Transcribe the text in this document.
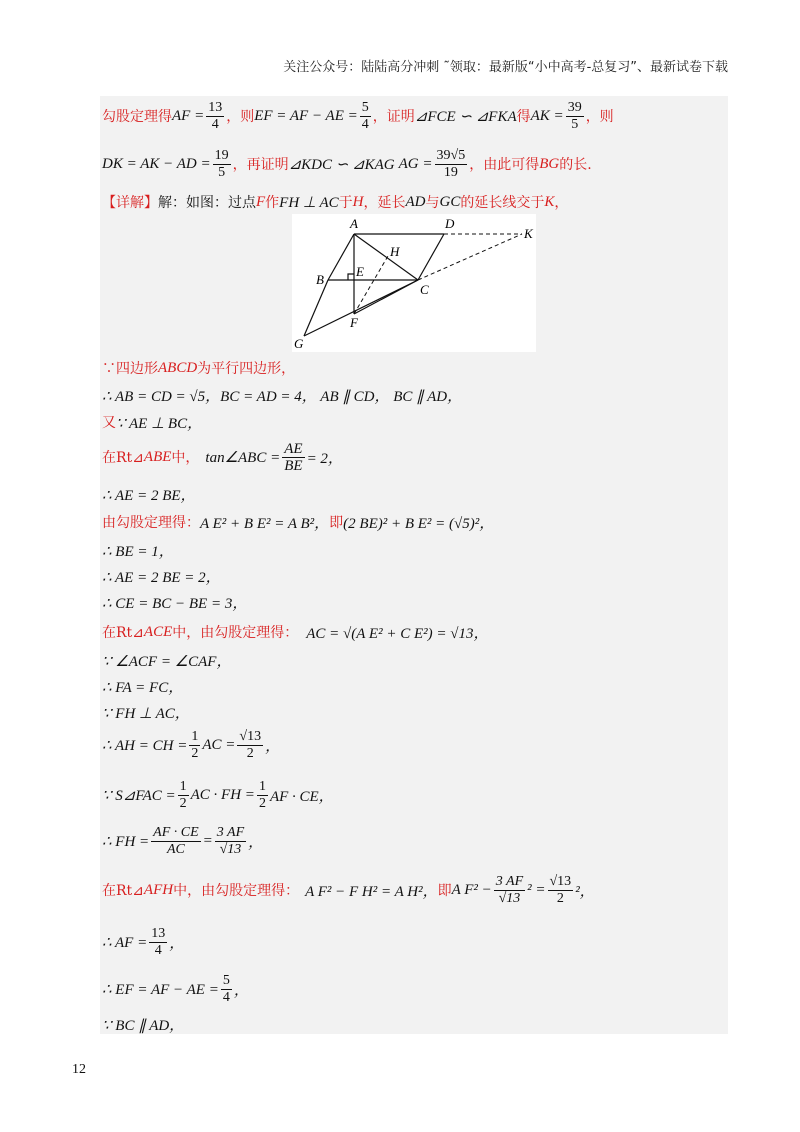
关注公众号：陆陆高分冲刺 ˜领取：最新版“小中高考-总复习”、最新试卷下载
勾股定理得 AF = $\frac{13}{4}$ ，则 EF = AF − AE = $\frac{5}{4}$ ，证明 ⊿FCE ∽ ⊿FKA 得 AK = $\frac{39}{5}$ ，则
DK = AK − AD = $\frac{19}{5}$ ，再证明 ⊿KDC ∽ ⊿KAG AG = $\frac{39√5}{19}$ ，由此可得 BG 的长.
【详解】 解：如图：过点 F 作 FH ⊥ AC 于 H ，延长 AD 与 GC 的延长线交于 K ，
A	D
K
H
B
E
C
F
G
∵四边形 ABCD 为平行四边形，
∴ AB = CD = √5，BC = AD = 4， AB ∥ CD， BC ∥ AD，
又 ∵ AE ⊥ BC，
在Rt⊿ ABE 中， tan∠ABC = $\frac{AE}{BE} = 2$，
∴ AE = 2 BE，
由勾股定理得： A E² + B E² = A B²， 即 (2 BE)² + B E² = (√5)²，
∴ BE = 1，
∴ AE = 2 BE = 2，
∴ CE = BC − BE = 3，
在Rt⊿ ACE 中，由勾股定理得： AC = √(A E² + C E²) = √13，
∵ ∠ACF = ∠CAF，
∴ FA = FC，
∵ FH ⊥ AC，
∴ AH = CH = $\frac{1}{2}$ AC = $\frac{√13}{2}$ ，
∵ S⊿FAC = $\frac{1}{2}$ AC · FH = $\frac{1}{2}$ AF · CE，
∴ FH = $\frac{AF \cdot CE}{AC} = \frac{3 AF}{√13}$ ，
在Rt⊿ AFH 中，由勾股定理得： A F² − F H² = A H²， 即 A $F^2 - \frac{3 AF}{√13} ^2 = \frac{√13}{2} ^2$，
∴ AF = $\frac{13}{4}$ ，
∴ EF = AF − AE = $\frac{5}{4}$ ，
∵ BC ∥ AD，
12
